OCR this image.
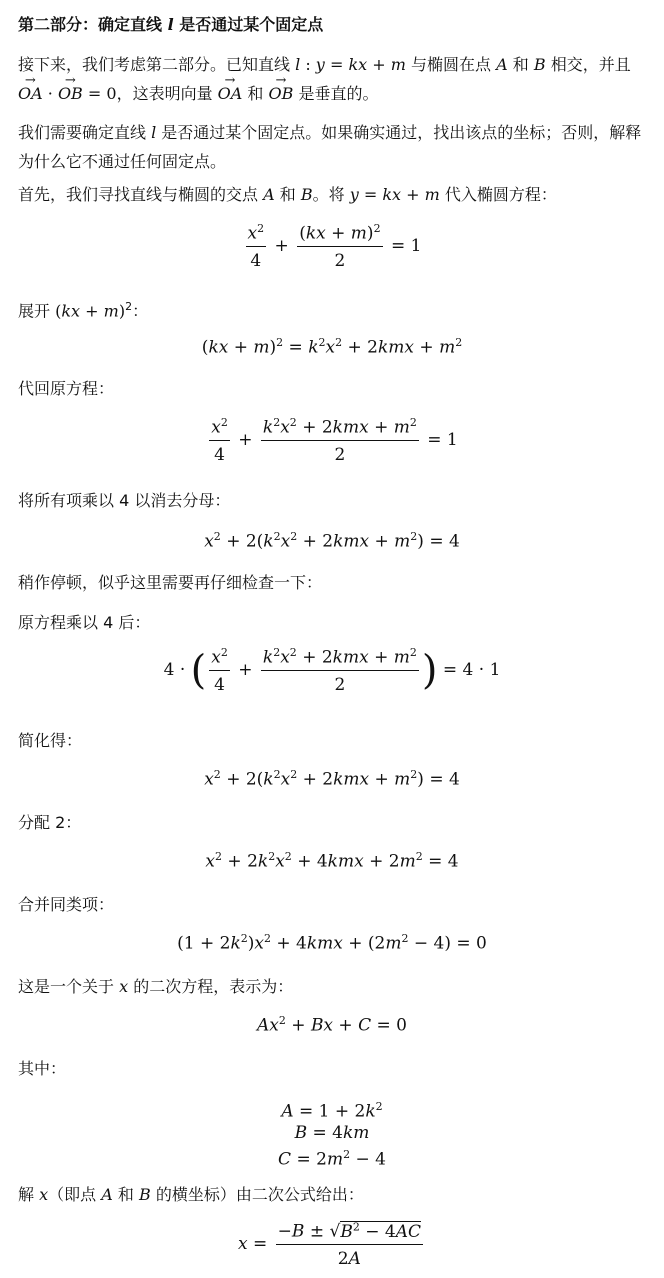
第二部分：确定直线 l 是否通过某个固定点
接下来，我们考虑第二部分。已知直线 l : y = kx + m 与椭圆在点 A 和 B 相交，并且 → OA · → OB = 0，这表明向量 → OA 和 → OB 是垂直的。
我们需要确定直线 l 是否通过某个固定点。如果确实通过，找出该点的坐标；否则，解释为什么它不通过任何固定点。
首先，我们寻找直线与椭圆的交点 A 和 B。将 y = kx + m 代入椭圆方程：
$\frac{x^2}{4} + \frac{(kx + m)^2}{2} = 1$
展开 (kx + m)$^2$：
$(kx + m)^2 = k^2x^2 + 2kmx + m^2$
代回原方程：
$\frac{x^2}{4} + \frac{k^2x^2 + 2kmx + m^2}{2} = 1$
将所有项乘以 4 以消去分母：
$x^2 + 2(k^2x^2 + 2kmx + m^2) = 4$
稍作停顿，似乎这里需要再仔细检查一下：
原方程乘以 4 后：
4 · ( $\frac{x^2}{4} + \frac{k^2x^2 + 2kmx + m^2}{2}$ ) = 4 · 1
简化得：
$x^2 + 2(k^2x^2 + 2kmx + m^2) = 4$
分配 2：
$x^2 + 2k^2x^2 + 4kmx + 2m^2 = 4$
合并同类项：
$(1 + 2k^2)x^2 + 4kmx + (2m^2 - 4) = 0$
这是一个关于 x 的二次方程，表示为：
$Ax^2 + Bx + C = 0$
其中：
$A = 1 + 2k^2$
B = 4km
$C = 2m^2 - 4$
解 x（即点 A 和 B 的横坐标）由二次公式给出：
$x = \frac{-B \pm √B^2 - 4AC}{2A}$
